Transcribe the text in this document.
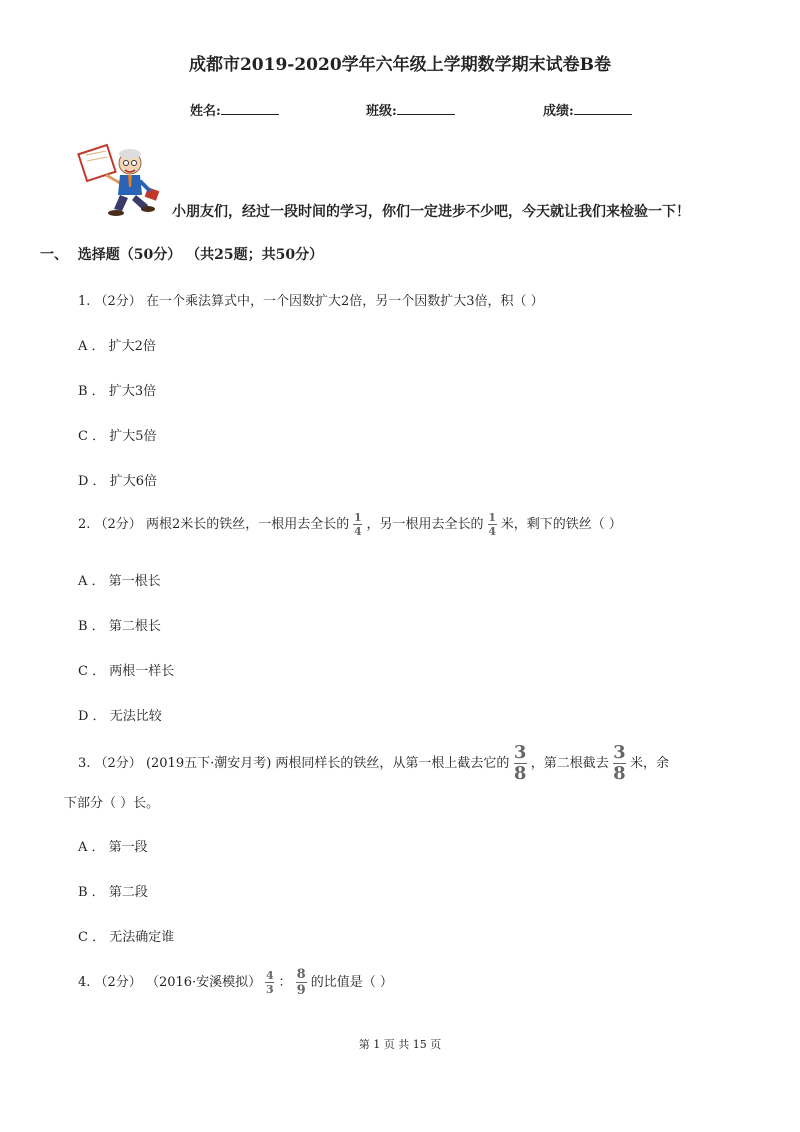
成都市2019-2020学年六年级上学期数学期末试卷B卷
姓名:	班级:	成绩:
小朋友们，经过一段时间的学习，你们一定进步不少吧，今天就让我们来检验一下！
一、 选择题（50分） （共25题；共50分）
1. （2分） 在一个乘法算式中，一个因数扩大2倍，另一个因数扩大3倍，积（ ）
A ． 扩大2倍
B ． 扩大3倍
C ． 扩大5倍
D ． 扩大6倍
2. （2分） 两根2米长的铁丝，一根用去全长的 $\frac{1}{4}$ ，另一根用去全长的 $\frac{1}{4}$ 米，剩下的铁丝（ ）
A ． 第一根长
B ． 第二根长
C ． 两根一样长
D ． 无法比较
3. （2分） (2019五下·潮安月考) 两根同样长的铁丝，从第一根上截去它的 $\frac{3}{8}$ ，第二根截去 $\frac{3}{8}$ 米，余
下部分（ ）长。
A ． 第一段
B ． 第二段
C ． 无法确定谁
4. （2分） （2016·安溪模拟） $\frac{4}{3}$ ： $\frac{8}{9}$ 的比值是（ ）
第 1 页 共 15 页
